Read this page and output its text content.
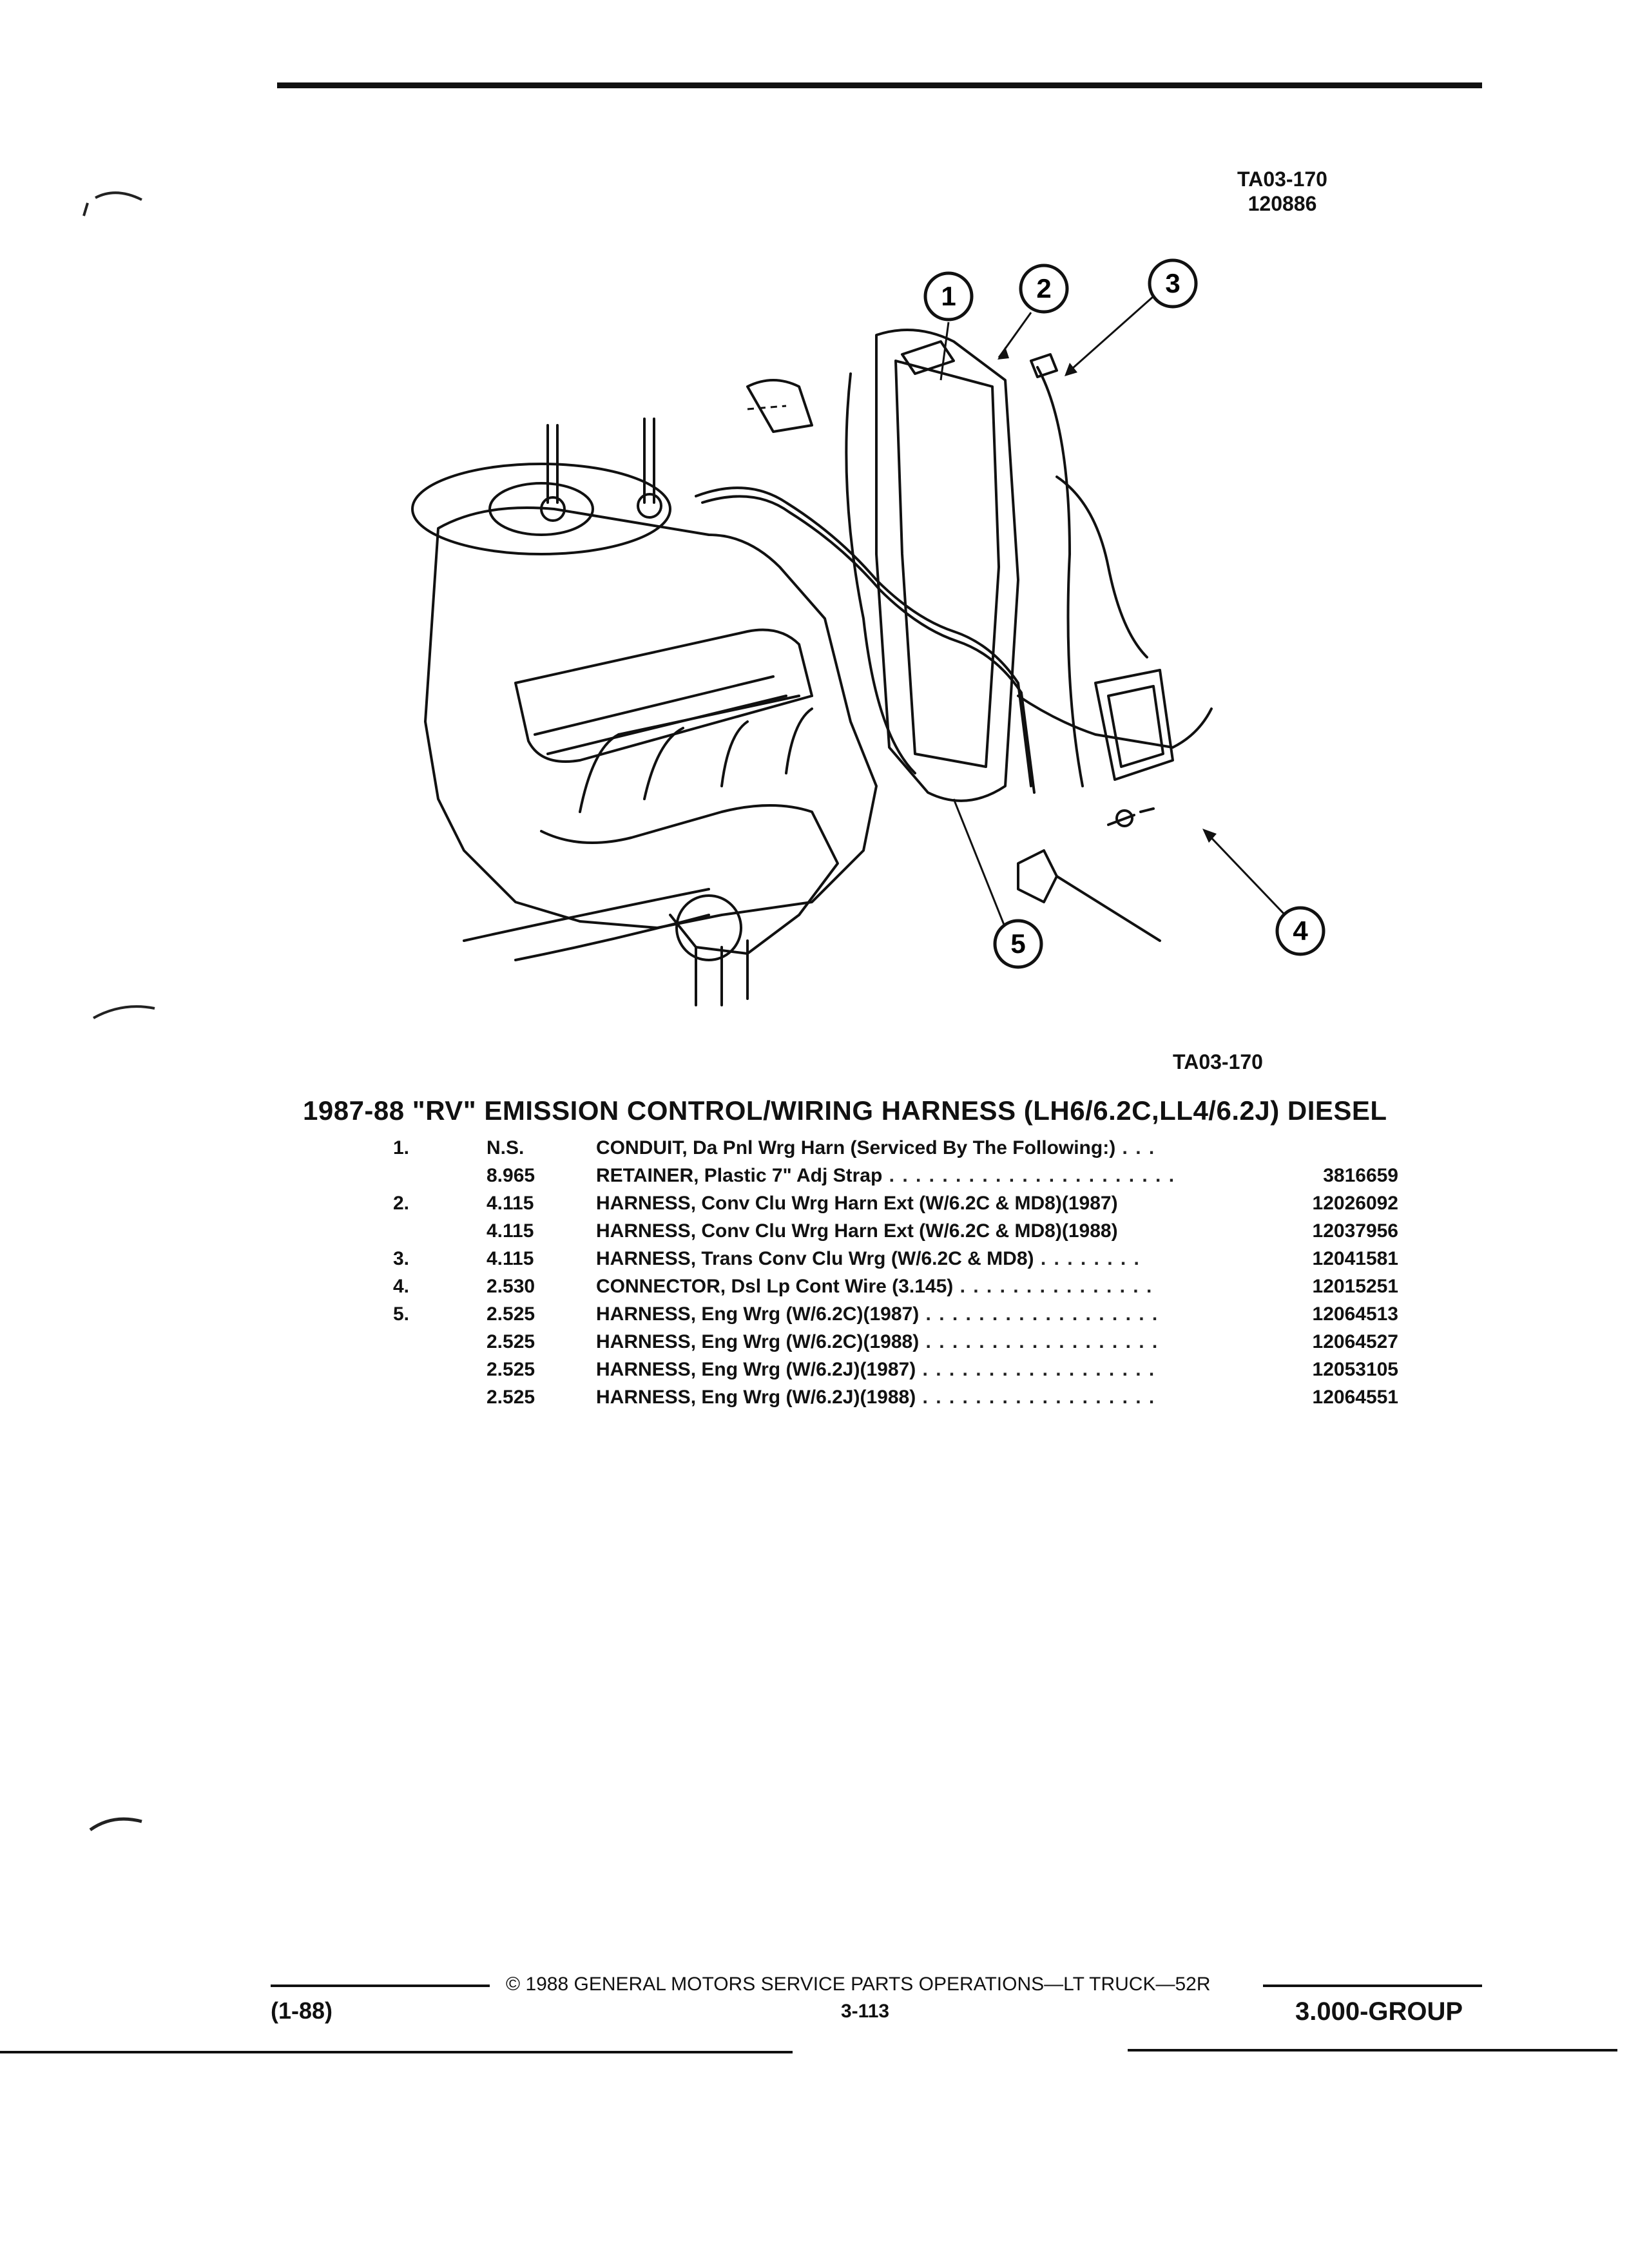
TA03-170
120886
1	2	3
4
5
TA03-170
1987-88 "RV" EMISSION CONTROL/WIRING HARNESS (LH6/6.2C,LL4/6.2J) DIESEL
1.	N.S.	CONDUIT, Da Pnl Wrg Harn (Serviced By The Following:) . . .
8.965	RETAINER, Plastic 7" Adj Strap . . . . . . . . . . . . . . . . . . . . . .	3816659
2.	4.115	HARNESS, Conv Clu Wrg Harn Ext (W/6.2C & MD8)(1987)	12026092
4.115	HARNESS, Conv Clu Wrg Harn Ext (W/6.2C & MD8)(1988)	12037956
3.	4.115	HARNESS, Trans Conv Clu Wrg (W/6.2C & MD8) . . . . . . . .	12041581
4.	2.530	CONNECTOR, Dsl Lp Cont Wire (3.145) . . . . . . . . . . . . . . .	12015251
5.	2.525	HARNESS, Eng Wrg (W/6.2C)(1987) . . . . . . . . . . . . . . . . . .	12064513
2.525	HARNESS, Eng Wrg (W/6.2C)(1988) . . . . . . . . . . . . . . . . . .	12064527
2.525	HARNESS, Eng Wrg (W/6.2J)(1987) . . . . . . . . . . . . . . . . . .	12053105
2.525	HARNESS, Eng Wrg (W/6.2J)(1988) . . . . . . . . . . . . . . . . . .	12064551
© 1988 GENERAL MOTORS SERVICE PARTS OPERATIONS—LT TRUCK—52R
(1-88)	3-113	3.000-GROUP
